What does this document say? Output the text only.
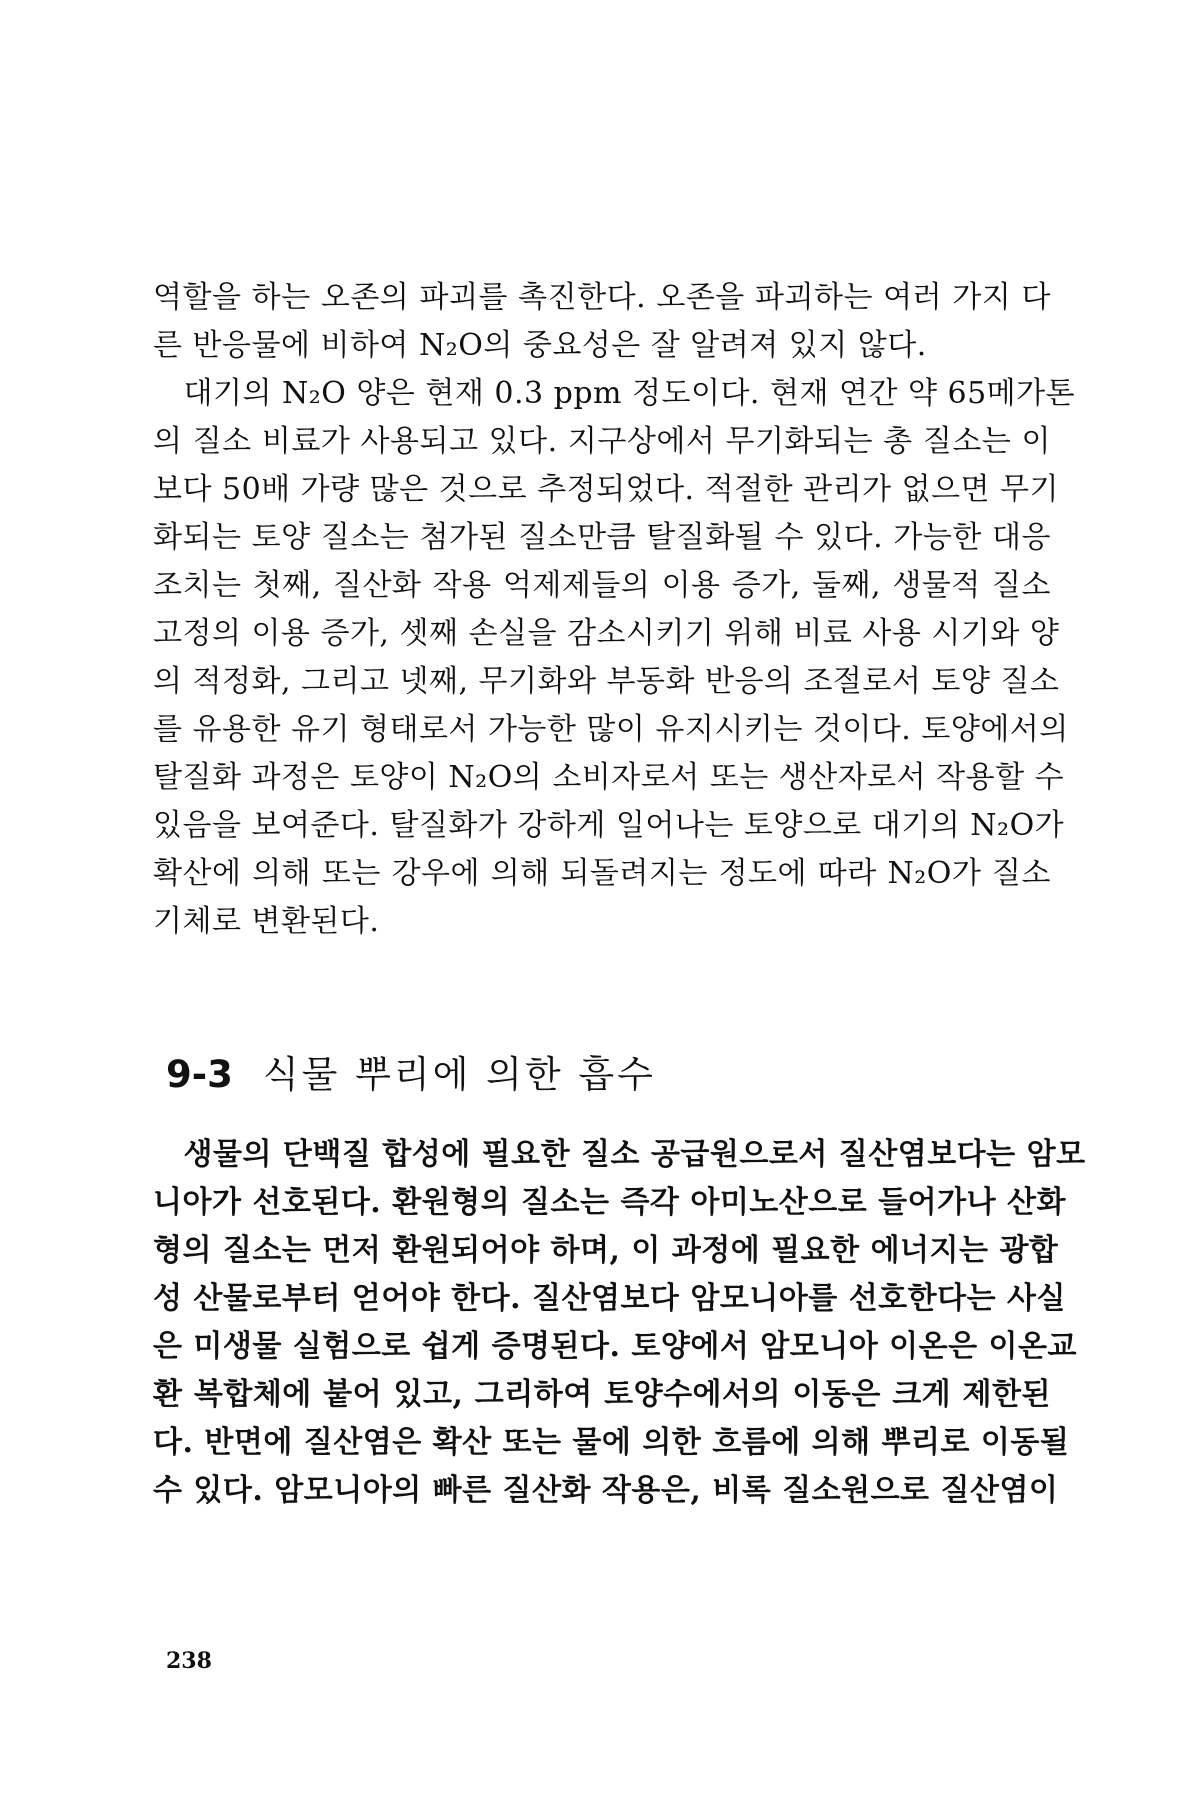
역할을 하는 오존의 파괴를 촉진한다. 오존을 파괴하는 여러 가지 다
른 반응물에 비하여 N₂O의 중요성은 잘 알려져 있지 않다.
　대기의 N₂O 양은 현재 0.3 ppm 정도이다. 현재 연간 약 65메가톤
의 질소 비료가 사용되고 있다. 지구상에서 무기화되는 총 질소는 이
보다 50배 가량 많은 것으로 추정되었다. 적절한 관리가 없으면 무기
화되는 토양 질소는 첨가된 질소만큼 탈질화될 수 있다. 가능한 대응
조치는 첫째, 질산화 작용 억제제들의 이용 증가, 둘째, 생물적 질소
고정의 이용 증가, 셋째 손실을 감소시키기 위해 비료 사용 시기와 양
의 적정화, 그리고 넷째, 무기화와 부동화 반응의 조절로서 토양 질소
를 유용한 유기 형태로서 가능한 많이 유지시키는 것이다. 토양에서의
탈질화 과정은 토양이 N₂O의 소비자로서 또는 생산자로서 작용할 수
있음을 보여준다. 탈질화가 강하게 일어나는 토양으로 대기의 N₂O가
확산에 의해 또는 강우에 의해 되돌려지는 정도에 따라 N₂O가 질소
기체로 변환된다.
9-3 식물 뿌리에 의한 흡수
　생물의 단백질 합성에 필요한 질소 공급원으로서 질산염보다는 암모
니아가 선호된다. 환원형의 질소는 즉각 아미노산으로 들어가나 산화
형의 질소는 먼저 환원되어야 하며, 이 과정에 필요한 에너지는 광합
성 산물로부터 얻어야 한다. 질산염보다 암모니아를 선호한다는 사실
은 미생물 실험으로 쉽게 증명된다. 토양에서 암모니아 이온은 이온교
환 복합체에 붙어 있고, 그리하여 토양수에서의 이동은 크게 제한된
다. 반면에 질산염은 확산 또는 물에 의한 흐름에 의해 뿌리로 이동될
수 있다. 암모니아의 빠른 질산화 작용은, 비록 질소원으로 질산염이
238
